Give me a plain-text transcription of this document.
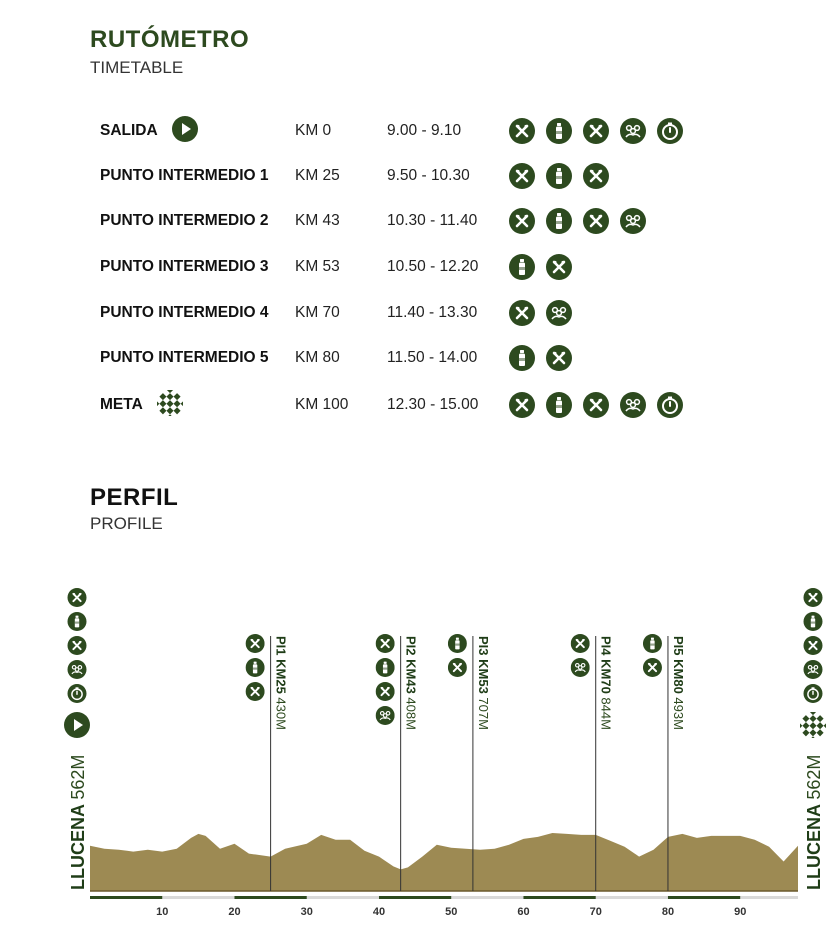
RUTÓMETRO
TIMETABLE
SALIDA	KM 0	9.00 - 9.10
PUNTO INTERMEDIO 1 KM 25	9.50 - 10.30
PUNTO INTERMEDIO 2 KM 43	10.30 - 11.40
PUNTO INTERMEDIO 3 KM 53	10.50 - 12.20
PUNTO INTERMEDIO 4 KM 70	11.40 - 13.30
PUNTO INTERMEDIO 5 KM 80	11.50 - 14.00
META	KM 100 12.30 - 15.00
PERFIL
PROFILE
10	20	30	40	50	60	70	80	90
PI1 KM25 430M
PI2 KM43 408M
PI3 KM53 707M
PI4 KM70 844M
PI5 KM80 493M
LLUCENA 562M
LLUCENA 562M
